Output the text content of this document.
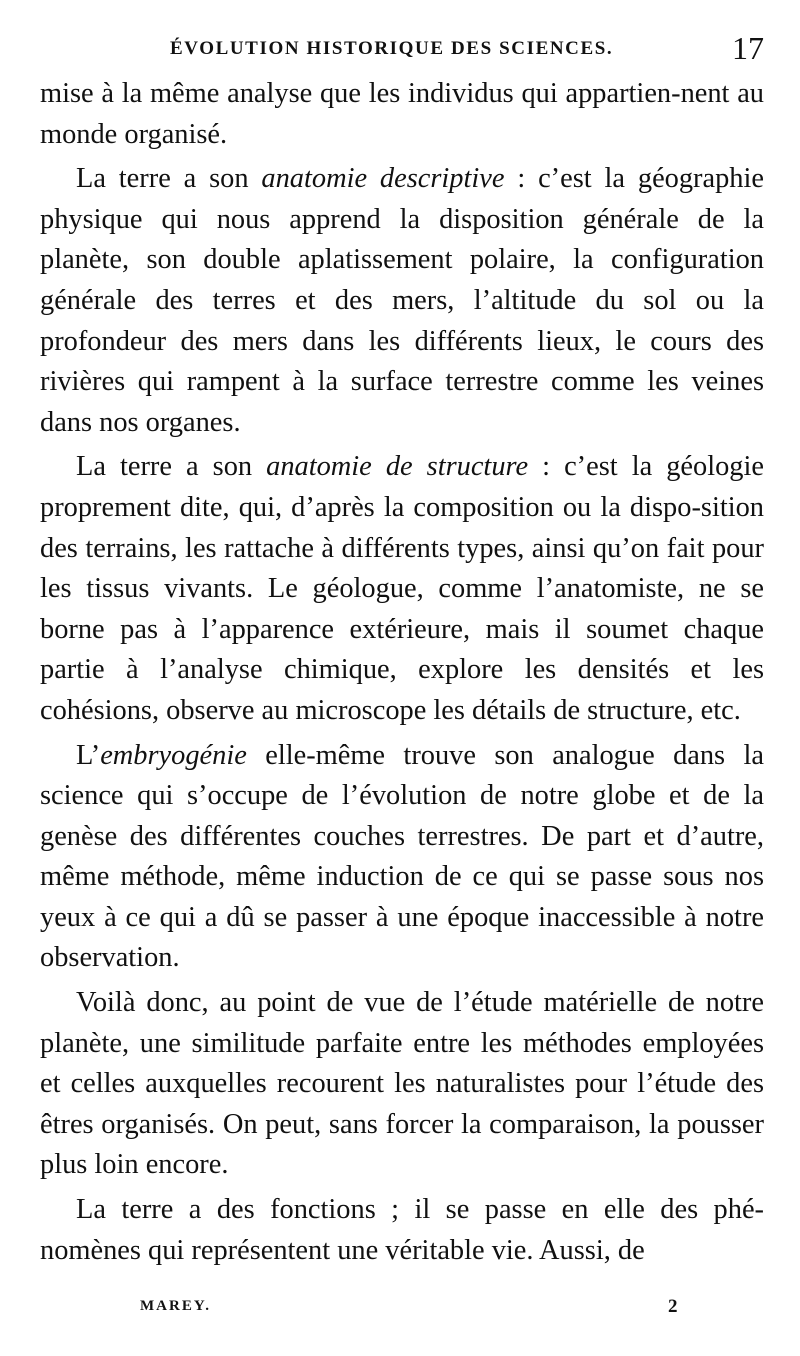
ÉVOLUTION HISTORIQUE DES SCIENCES.	17

mise à la même analyse que les individus qui appartien-nent au monde organisé.

La terre a son anatomie descriptive : c’est la géographie physique qui nous apprend la disposition générale de la planète, son double aplatissement polaire, la configuration générale des terres et des mers, l’altitude du sol ou la profondeur des mers dans les différents lieux, le cours des rivières qui rampent à la surface terrestre comme les veines dans nos organes.

La terre a son anatomie de structure : c’est la géologie proprement dite, qui, d’après la composition ou la dispo-sition des terrains, les rattache à différents types, ainsi qu’on fait pour les tissus vivants. Le géologue, comme l’anatomiste, ne se borne pas à l’apparence extérieure, mais il soumet chaque partie à l’analyse chimique, explore les densités et les cohésions, observe au microscope les détails de structure, etc.

L’embryogénie elle-même trouve son analogue dans la science qui s’occupe de l’évolution de notre globe et de la genèse des différentes couches terrestres. De part et d’autre, même méthode, même induction de ce qui se passe sous nos yeux à ce qui a dû se passer à une époque inaccessible à notre observation.

Voilà donc, au point de vue de l’étude matérielle de notre planète, une similitude parfaite entre les méthodes employées et celles auxquelles recourent les naturalistes pour l’étude des êtres organisés. On peut, sans forcer la comparaison, la pousser plus loin encore.

La terre a des fonctions ; il se passe en elle des phé-nomènes qui représentent une véritable vie. Aussi, de

MAREY.	2
